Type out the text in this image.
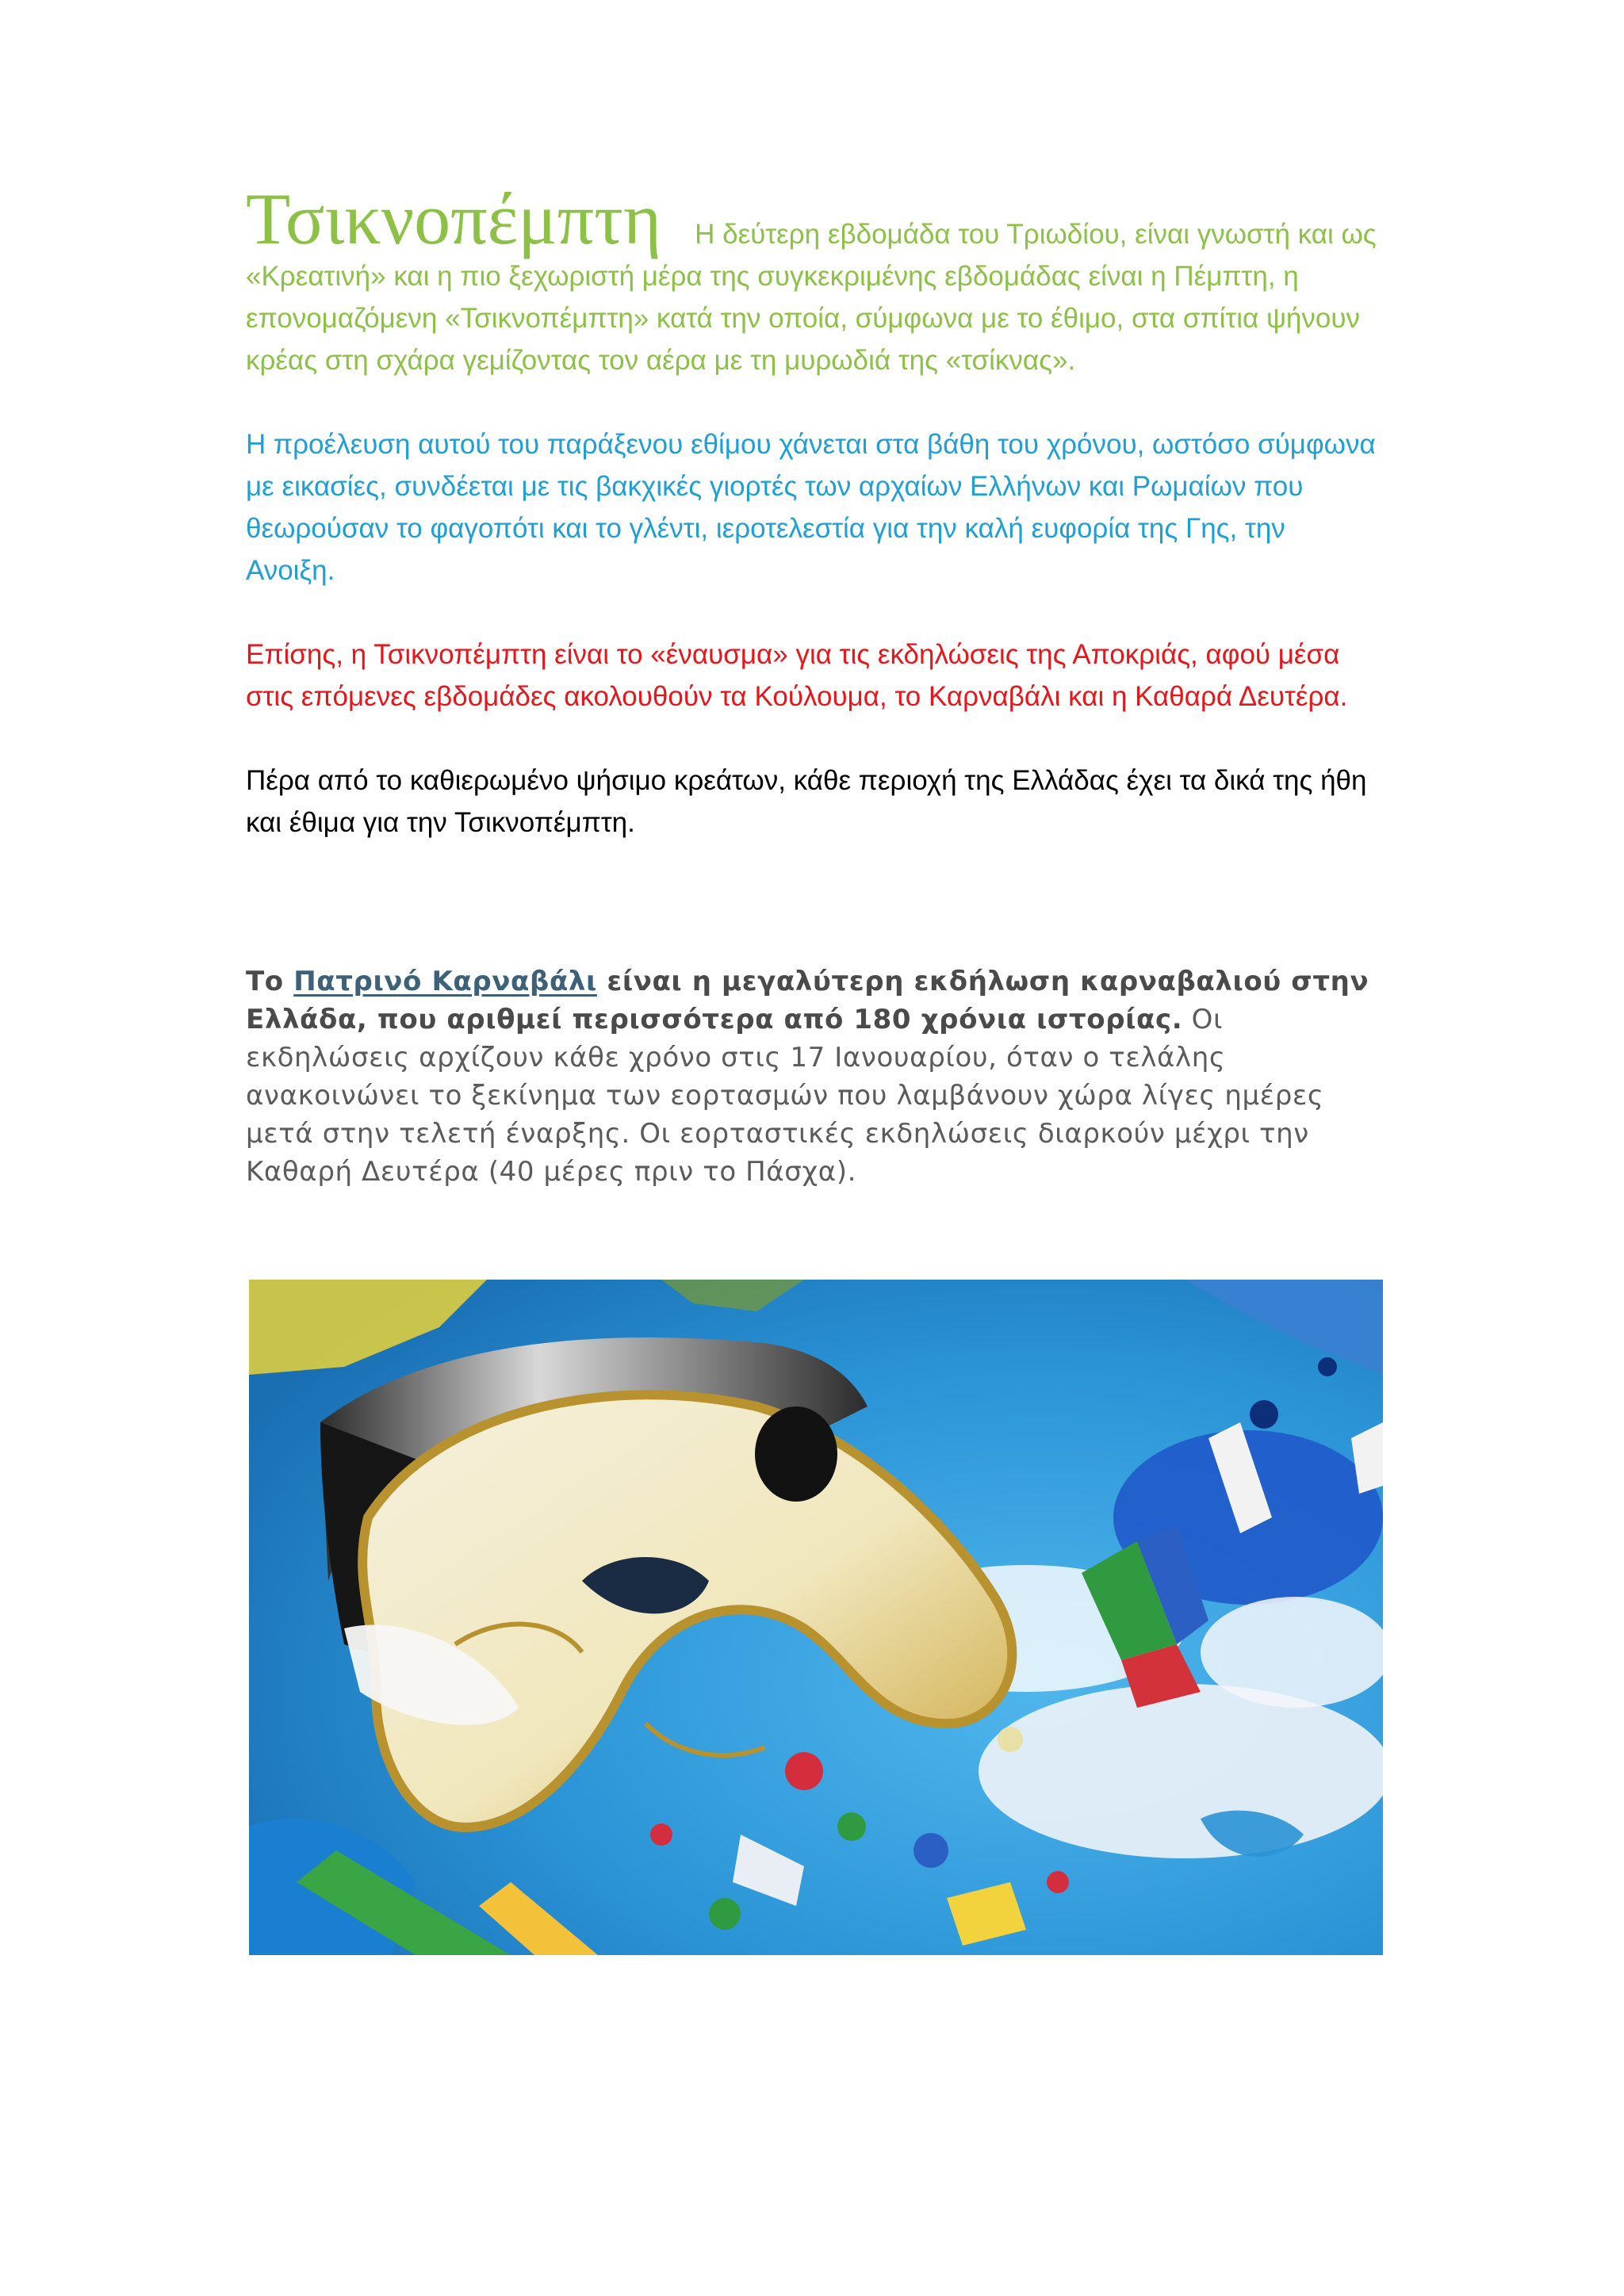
Τσικνοπέμπτη Η δεύτερη εβδομάδα του Τριωδίου, είναι γνωστή και ως «Κρεατινή» και η πιο ξεχωριστή μέρα της συγκεκριμένης εβδομάδας είναι η Πέμπτη, η επονομαζόμενη «Τσικνοπέμπτη» κατά την οποία, σύμφωνα με το έθιμο, στα σπίτια ψήνουν κρέας στη σχάρα γεμίζοντας τον αέρα με τη μυρωδιά της «τσίκνας».

Η προέλευση αυτού του παράξενου εθίμου χάνεται στα βάθη του χρόνου, ωστόσο σύμφωνα με εικασίες, συνδέεται με τις βακχικές γιορτές των αρχαίων Ελλήνων και Ρωμαίων που θεωρούσαν το φαγοπότι και το γλέντι, ιεροτελεστία για την καλή ευφορία της Γης, την Ανοιξη.

Επίσης, η Τσικνοπέμπτη είναι το «έναυσμα» για τις εκδηλώσεις της Αποκριάς, αφού μέσα στις επόμενες εβδομάδες ακολουθούν τα Κούλουμα, το Καρναβάλι και η Καθαρά Δευτέρα.

Πέρα από το καθιερωμένο ψήσιμο κρεάτων, κάθε περιοχή της Ελλάδας έχει τα δικά της ήθη και έθιμα για την Τσικνοπέμπτη.

Το Πατρινό Καρναβάλι είναι η μεγαλύτερη εκδήλωση καρναβαλιού στην Ελλάδα, που αριθμεί περισσότερα από 180 χρόνια ιστορίας. Οι εκδηλώσεις αρχίζουν κάθε χρόνο στις 17 Ιανουαρίου, όταν ο τελάλης ανακοινώνει το ξεκίνημα των εορτασμών που λαμβάνουν χώρα λίγες ημέρες μετά στην τελετή έναρξης. Οι εορταστικές εκδηλώσεις διαρκούν μέχρι την Καθαρή Δευτέρα (40 μέρες πριν το Πάσχα).
